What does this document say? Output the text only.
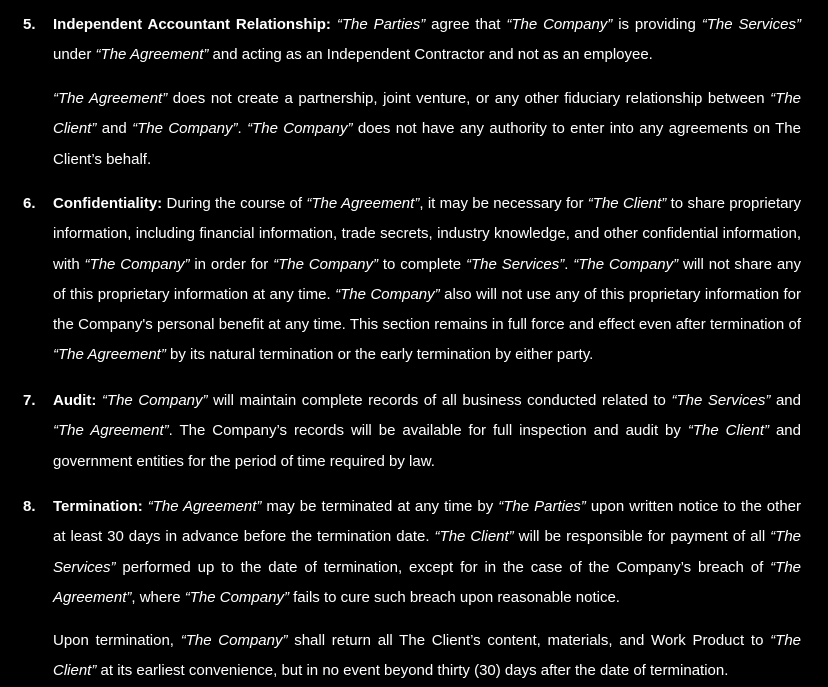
5. Independent Accountant Relationship: “The Parties” agree that “The Company” is providing “The Services” under “The Agreement” and acting as an Independent Contractor and not as an employee.

“The Agreement” does not create a partnership, joint venture, or any other fiduciary relationship between “The Client” and “The Company”. “The Company” does not have any authority to enter into any agreements on The Client’s behalf.

6. Confidentiality: During the course of “The Agreement”, it may be necessary for “The Client” to share proprietary information, including financial information, trade secrets, industry knowledge, and other confidential information, with “The Company” in order for “The Company” to complete “The Services”. “The Company” will not share any of this proprietary information at any time. “The Company” also will not use any of this proprietary information for the Company's personal benefit at any time. This section remains in full force and effect even after termination of “The Agreement” by its natural termination or the early termination by either party.

7. Audit: “The Company” will maintain complete records of all business conducted related to “The Services” and “The Agreement”. The Company’s records will be available for full inspection and audit by “The Client” and government entities for the period of time required by law.

8. Termination: “The Agreement” may be terminated at any time by “The Parties” upon written notice to the other at least 30 days in advance before the termination date. “The Client” will be responsible for payment of all “The Services” performed up to the date of termination, except for in the case of the Company’s breach of “The Agreement”, where “The Company” fails to cure such breach upon reasonable notice.

Upon termination, “The Company” shall return all The Client’s content, materials, and Work Product to “The Client” at its earliest convenience, but in no event beyond thirty (30) days after the date of termination.
